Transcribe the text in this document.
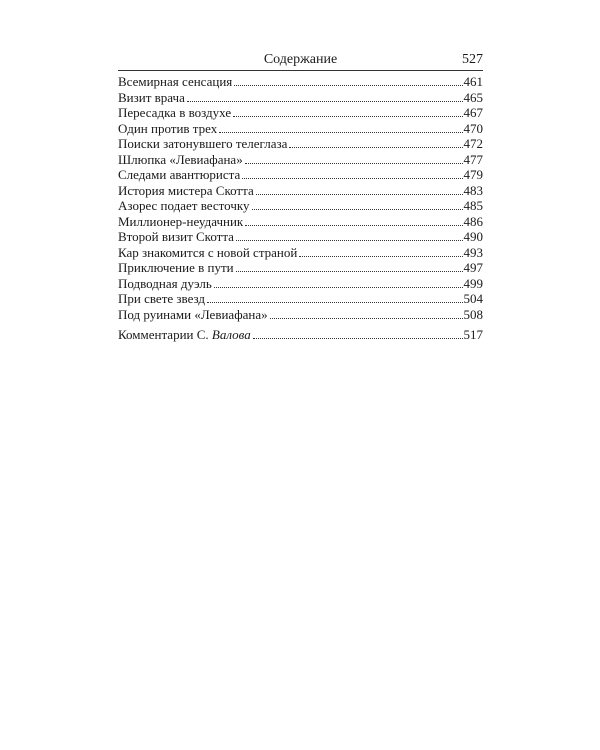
Содержание	527
Всемирная сенсация	461
Визит врача	465
Пересадка в воздухе	467
Один против трех	470
Поиски затонувшего телеглаза	472
Шлюпка «Левиафана»	477
Следами авантюриста	479
История мистера Скотта	483
Азорес подает весточку	485
Миллионер-неудачник	486
Второй визит Скотта	490
Кар знакомится с новой страной	493
Приключение в пути	497
Подводная дуэль	499
При свете звезд	504
Под руинами «Левиафана»	508
Комментарии С. Валова	517
